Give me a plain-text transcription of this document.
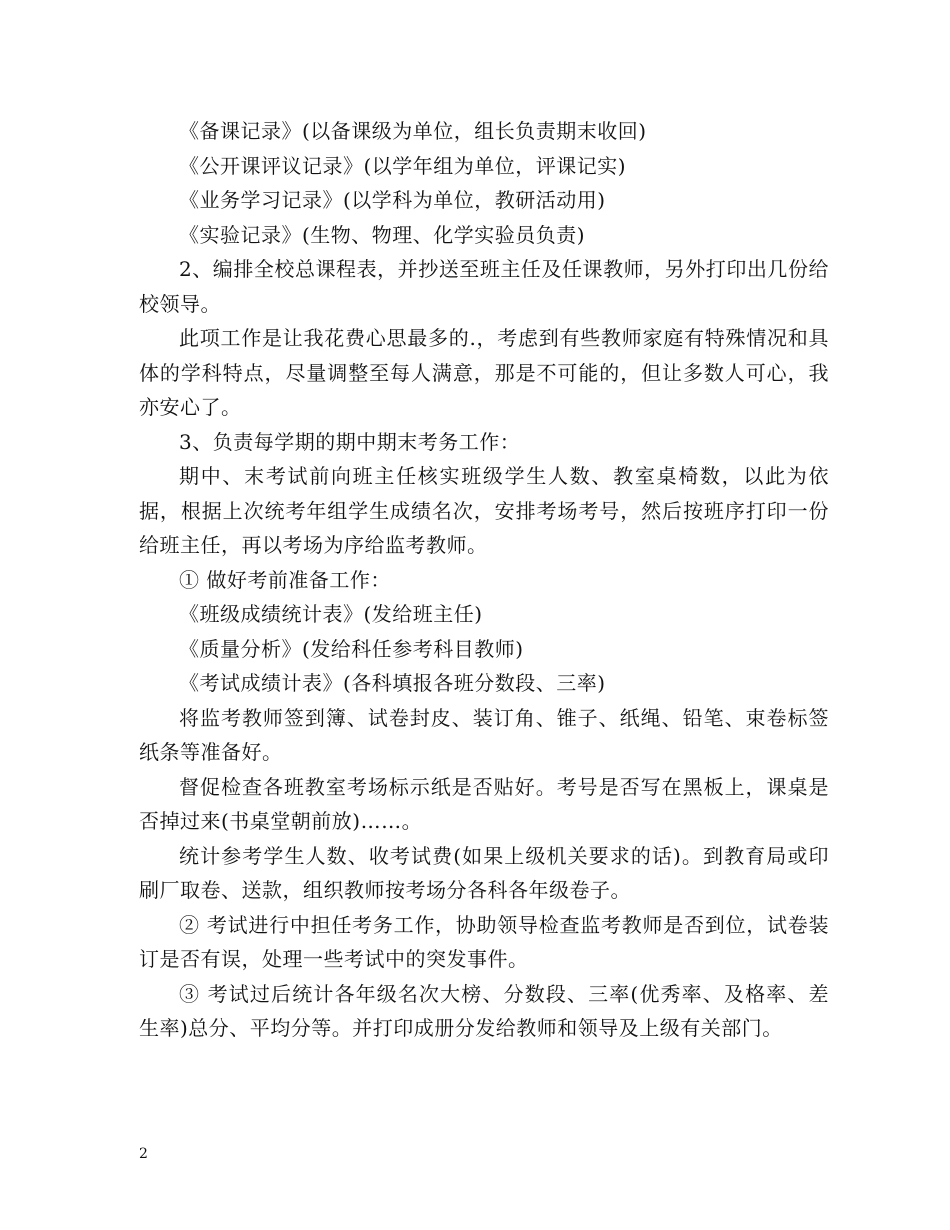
《备课记录》(以备课级为单位，组长负责期末收回)

《公开课评议记录》(以学年组为单位，评课记实)

《业务学习记录》(以学科为单位，教研活动用)

《实验记录》(生物、物理、化学实验员负责)

2、编排全校总课程表，并抄送至班主任及任课教师，另外打印出几份给校领导。

此项工作是让我花费心思最多的.，考虑到有些教师家庭有特殊情况和具体的学科特点，尽量调整至每人满意，那是不可能的，但让多数人可心，我亦安心了。

3、负责每学期的期中期末考务工作：

期中、末考试前向班主任核实班级学生人数、教室桌椅数，以此为依据，根据上次统考年组学生成绩名次，安排考场考号，然后按班序打印一份给班主任，再以考场为序给监考教师。

① 做好考前准备工作：

《班级成绩统计表》(发给班主任)

《质量分析》(发给科任参考科目教师)

《考试成绩计表》(各科填报各班分数段、三率)

将监考教师签到簿、试卷封皮、装订角、锥子、纸绳、铅笔、束卷标签纸条等准备好。

督促检查各班教室考场标示纸是否贴好。考号是否写在黑板上，课桌是否掉过来(书桌堂朝前放)……。

统计参考学生人数、收考试费(如果上级机关要求的话)。到教育局或印刷厂取卷、送款，组织教师按考场分各科各年级卷子。

② 考试进行中担任考务工作，协助领导检查监考教师是否到位，试卷装订是否有误，处理一些考试中的突发事件。

③ 考试过后统计各年级名次大榜、分数段、三率(优秀率、及格率、差生率)总分、平均分等。并打印成册分发给教师和领导及上级有关部门。

2
